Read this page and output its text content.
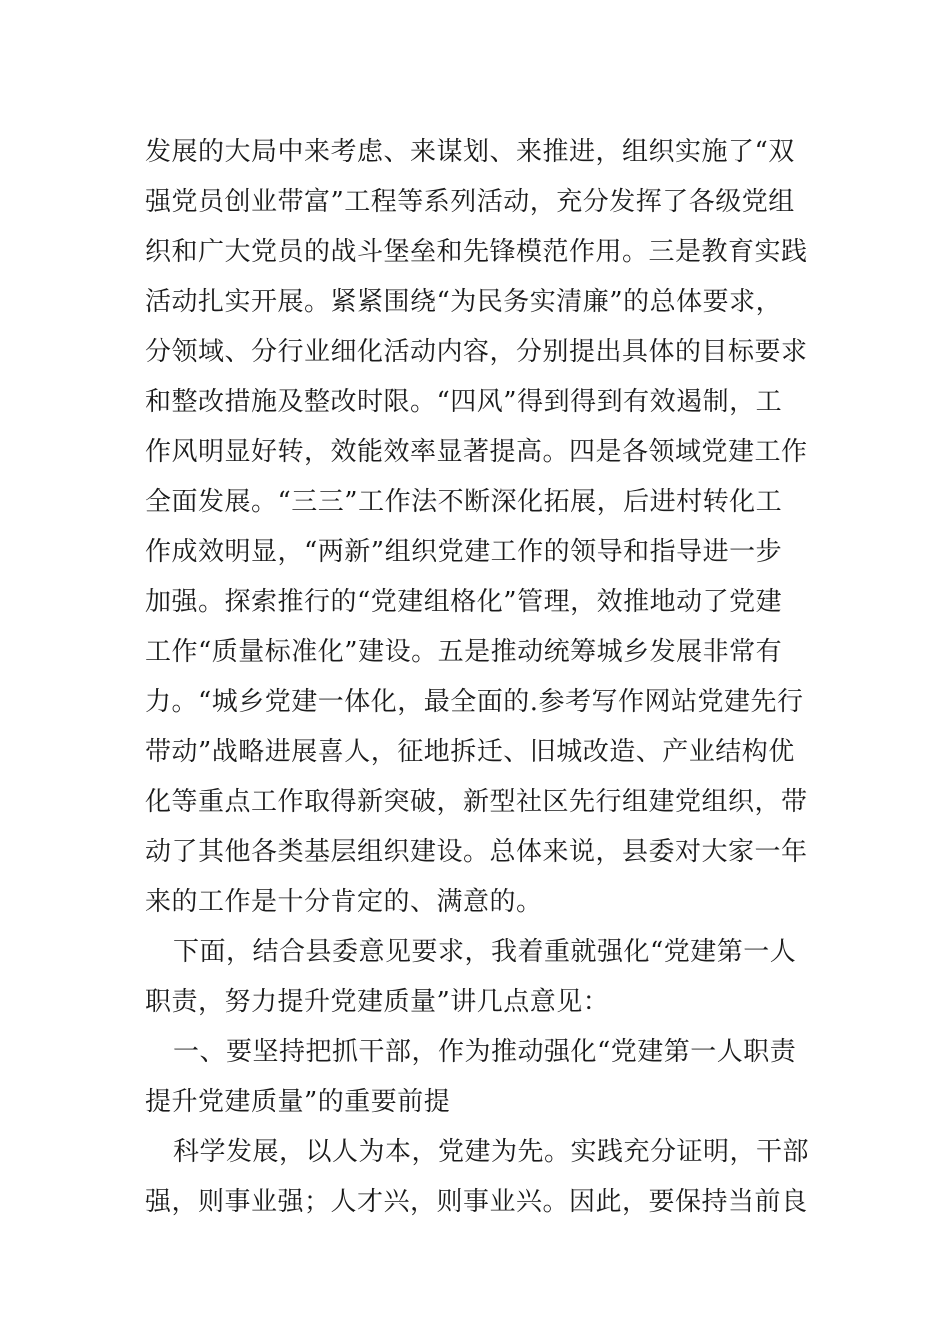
发展的大局中来考虑、来谋划、来推进，组织实施了“双
强党员创业带富”工程等系列活动，充分发挥了各级党组
织和广大党员的战斗堡垒和先锋模范作用。三是教育实践
活动扎实开展。紧紧围绕“为民务实清廉”的总体要求，
分领域、分行业细化活动内容，分别提出具体的目标要求
和整改措施及整改时限。“四风”得到得到有效遏制，工
作风明显好转，效能效率显著提高。四是各领域党建工作
全面发展。“三三”工作法不断深化拓展，后进村转化工
作成效明显，“两新”组织党建工作的领导和指导进一步
加强。探索推行的“党建组格化”管理，效推地动了党建
工作“质量标准化”建设。五是推动统筹城乡发展非常有
力。“城乡党建一体化，最全面的.参考写作网站党建先行
带动”战略进展喜人，征地拆迁、旧城改造、产业结构优
化等重点工作取得新突破，新型社区先行组建党组织，带
动了其他各类基层组织建设。总体来说，县委对大家一年
来的工作是十分肯定的、满意的。
下面，结合县委意见要求，我着重就强化“党建第一人
职责，努力提升党建质量”讲几点意见：
一、要坚持把抓干部，作为推动强化“党建第一人职责
提升党建质量”的重要前提
科学发展，以人为本，党建为先。实践充分证明，干部
强，则事业强；人才兴，则事业兴。因此，要保持当前良
